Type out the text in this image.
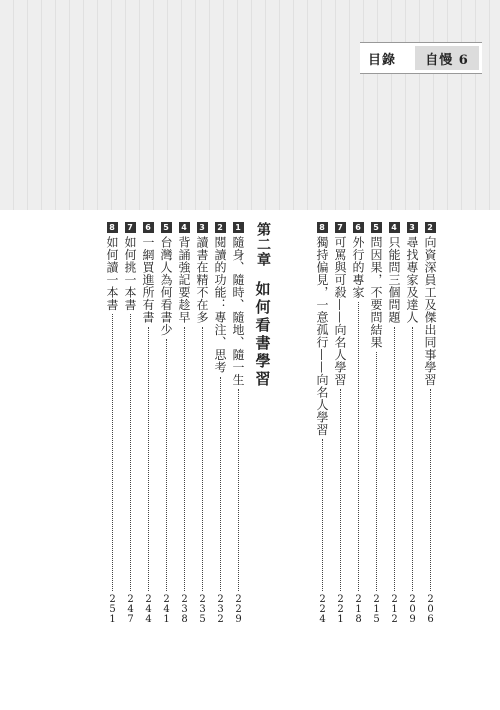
目錄	自慢 6
第二章
如何看書學習
2
向資深員工及傑出同事學習
206
3
尋找專家及達人
209
4
只能問三個問題
212
5
問因果，不要問結果
215
6
外行的專家
218
7
可罵與可殺——向名人學習
221
8
獨持偏見，一意孤行——向名人學習
224
1
隨身、隨時、隨地、隨一生
229
2
閱讀的功能：專注、思考
232
3
讀書在精不在多
235
4
背誦強記要趁早
238
5
台灣人為何看書少
241
6
一網買進所有書
244
7
如何挑一本書
247
8
如何讀一本書
251
